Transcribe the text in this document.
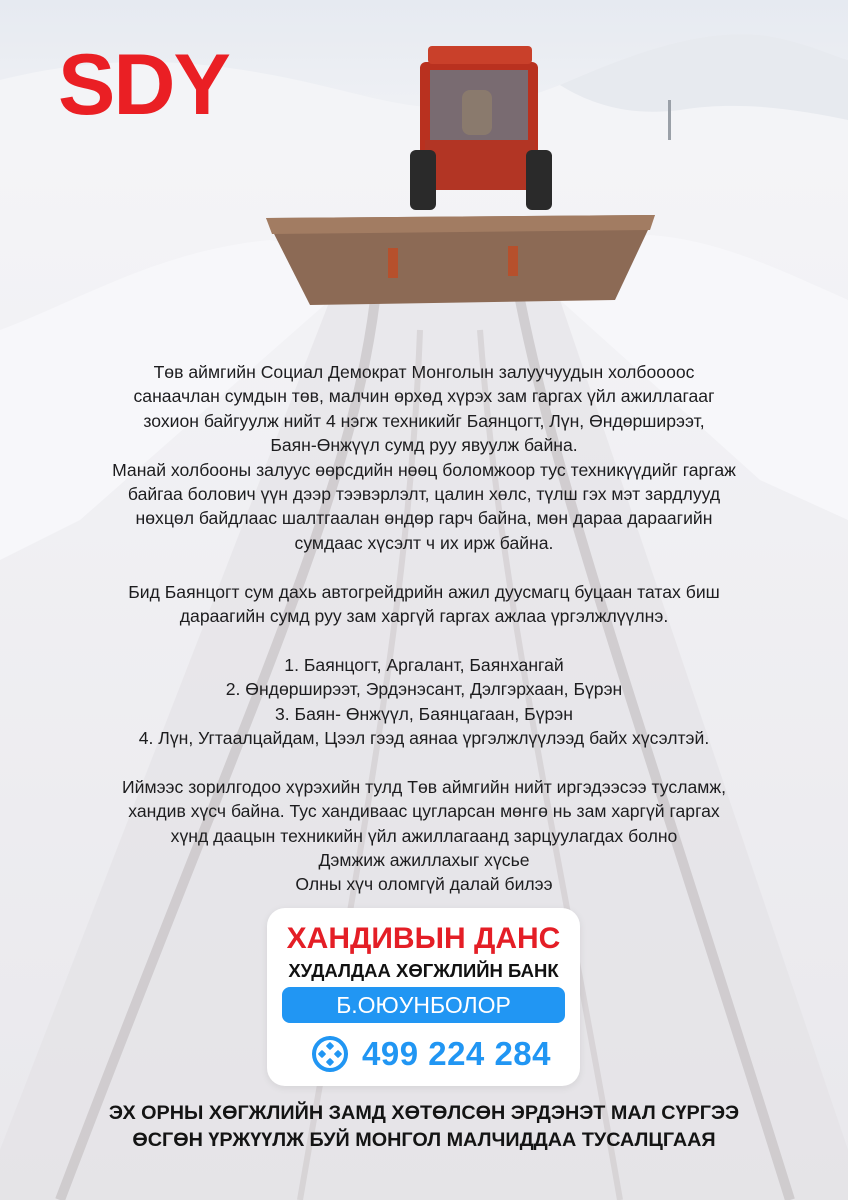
SDY

Төв аймгийн Социал Демократ Монголын залуучуудын холбоооос

санаачлан сумдын төв, малчин өрхөд хүрэх зам гаргах үйл ажиллагааг

зохион байгуулж нийт 4 нэгж техникийг Баянцогт, Лүн, Өндөрширээт,

Баян-Өнжүүл сумд руу явуулж байна.

Манай холбооны залуус өөрсдийн нөөц боломжоор тус техникүүдийг гаргаж

байгаа болович үүн дээр тээвэрлэлт, цалин хөлс, түлш гэх мэт зардлууд

нөхцөл байдлаас шалтгаалан өндөр гарч байна, мөн дараа дараагийн

сумдаас хүсэлт ч их ирж байна.

Бид Баянцогт сум дахь автогрейдрийн ажил дуусмагц буцаан татах биш

дараагийн сумд руу зам харгүй гаргах ажлаа үргэлжлүүлнэ.

1. Баянцогт, Аргалант, Баянхангай

2. Өндөрширээт, Эрдэнэсант, Дэлгэрхаан, Бүрэн

3. Баян- Өнжүүл, Баянцагаан, Бүрэн

4. Лүн, Угтаалцайдам, Цээл гээд аянаа үргэлжлүүлээд байх хүсэлтэй.

Иймээс зорилгодоо хүрэхийн тулд Төв аймгийн нийт иргэдээсээ тусламж,

хандив хүсч байна. Тус хандиваас цугларсан мөнгө нь зам харгүй гаргах

хүнд даацын техникийн үйл ажиллагаанд зарцуулагдах болно

Дэмжиж ажиллахыг хүсье

Олны хүч оломгүй далай билээ

ХАНДИВЫН ДАНС
ХУДАЛДАА ХӨГЖЛИЙН БАНК
Б.ОЮУНБОЛОР
499 224 284
ЭХ ОРНЫ ХӨГЖЛИЙН ЗАМД ХӨТӨЛСӨН ЭРДЭНЭТ МАЛ СҮРГЭЭ
ӨСГӨН ҮРЖҮҮЛЖ БУЙ МОНГОЛ МАЛЧИДДАА ТУСАЛЦГААЯ
